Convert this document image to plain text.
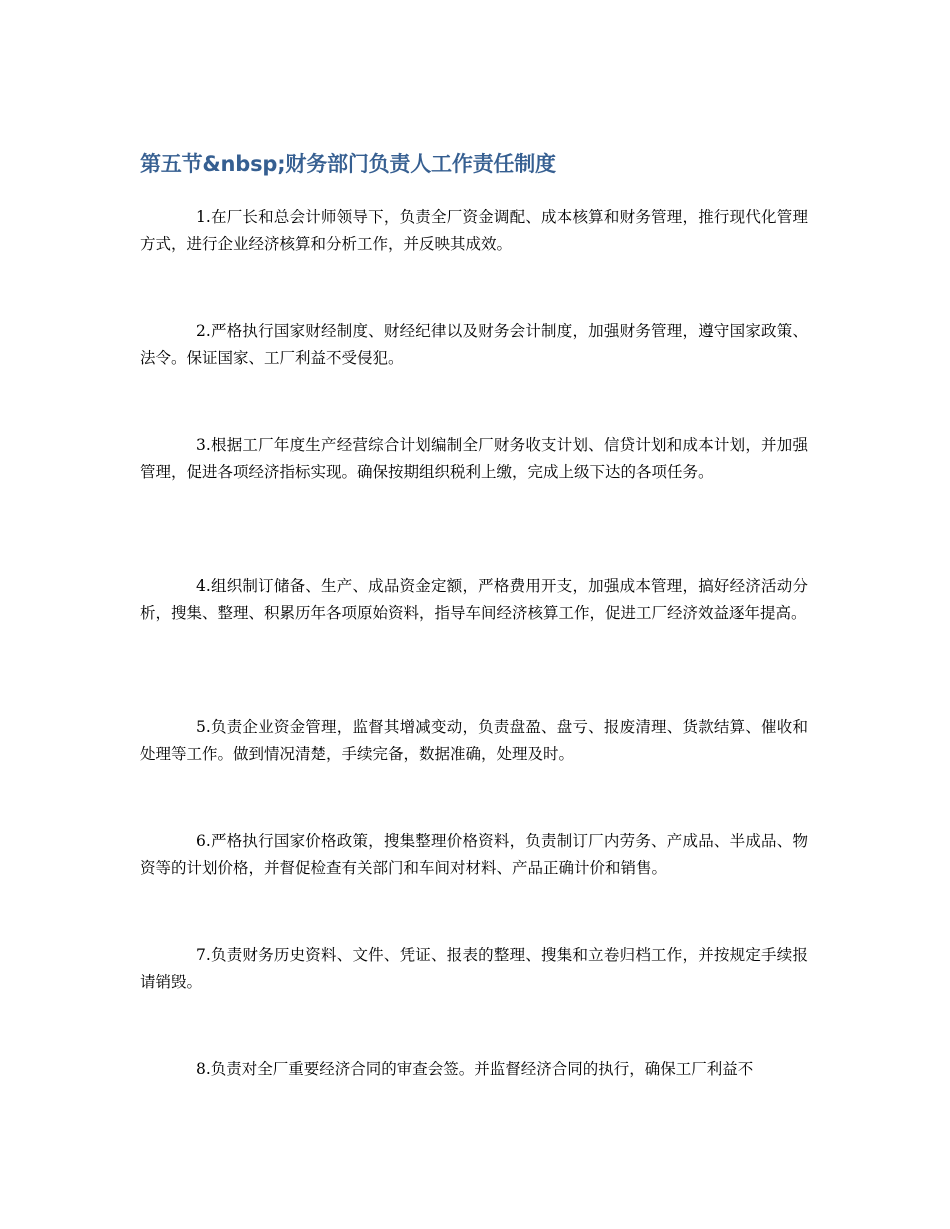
第五节&nbsp;财务部门负责人工作责任制度

1.在厂长和总会计师领导下，负责全厂资金调配、成本核算和财务管理，推行现代化管理方式，进行企业经济核算和分析工作，并反映其成效。

2.严格执行国家财经制度、财经纪律以及财务会计制度，加强财务管理，遵守国家政策、法令。保证国家、工厂利益不受侵犯。

3.根据工厂年度生产经营综合计划编制全厂财务收支计划、信贷计划和成本计划，并加强管理，促进各项经济指标实现。确保按期组织税利上缴，完成上级下达的各项任务。

4.组织制订储备、生产、成品资金定额，严格费用开支，加强成本管理，搞好经济活动分析，搜集、整理、积累历年各项原始资料，指导车间经济核算工作，促进工厂经济效益逐年提高。

5.负责企业资金管理，监督其增减变动，负责盘盈、盘亏、报废清理、货款结算、催收和处理等工作。做到情况清楚，手续完备，数据准确，处理及时。

6.严格执行国家价格政策，搜集整理价格资料，负责制订厂内劳务、产成品、半成品、物资等的计划价格，并督促检查有关部门和车间对材料、产品正确计价和销售。

7.负责财务历史资料、文件、凭证、报表的整理、搜集和立卷归档工作，并按规定手续报请销毁。

8.负责对全厂重要经济合同的审查会签。并监督经济合同的执行，确保工厂利益不
